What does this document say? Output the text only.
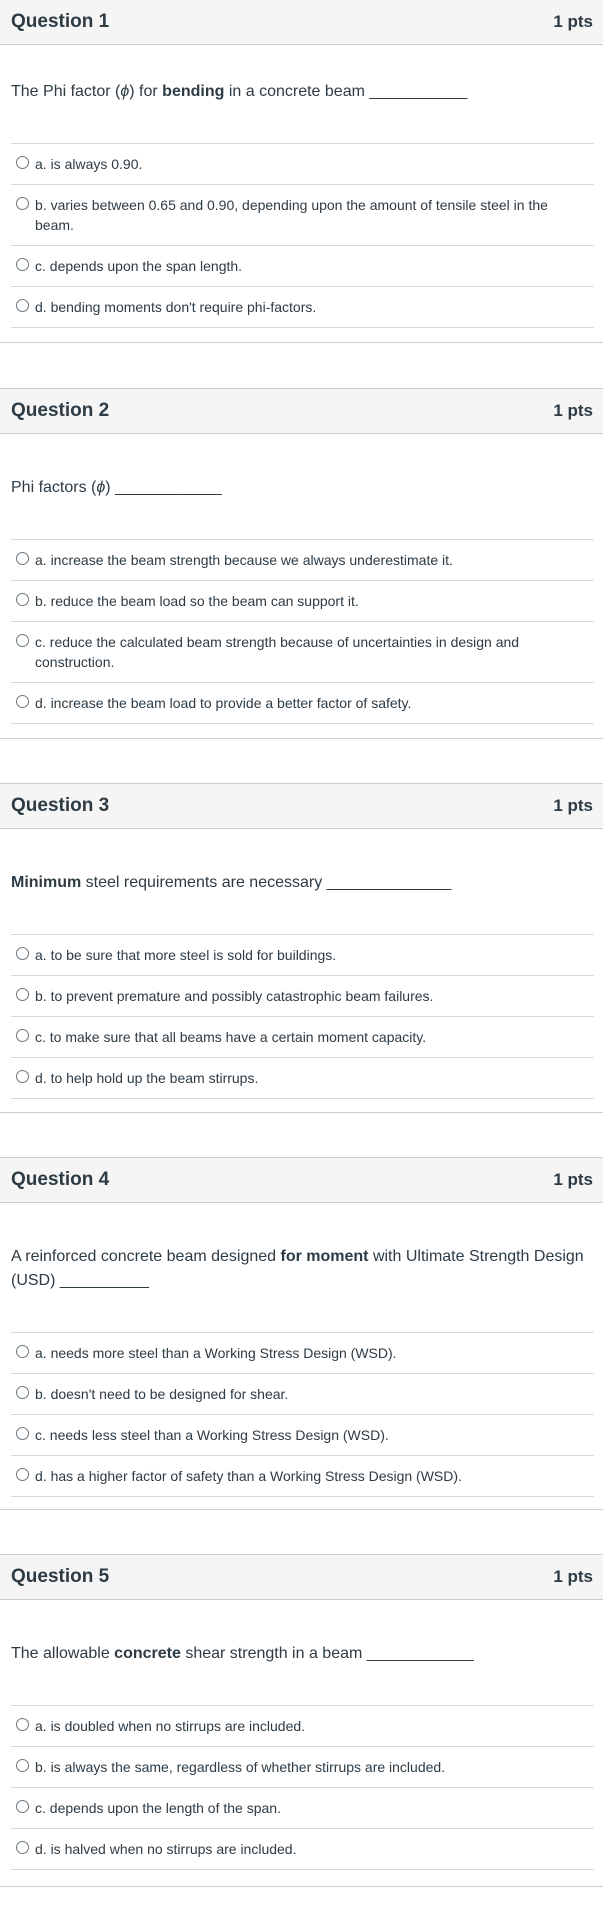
Question 1	1 pts
The Phi factor (ϕ) for bending in a concrete beam ___________
a. is always 0.90.
b. varies between 0.65 and 0.90, depending upon the amount of tensile steel in the beam.
c. depends upon the span length.
d. bending moments don't require phi-factors.
Question 2	1 pts
Phi factors (ϕ) ____________
a. increase the beam strength because we always underestimate it.
b. reduce the beam load so the beam can support it.
c. reduce the calculated beam strength because of uncertainties in design and construction.
d. increase the beam load to provide a better factor of safety.
Question 3	1 pts
Minimum steel requirements are necessary ______________
a. to be sure that more steel is sold for buildings.
b. to prevent premature and possibly catastrophic beam failures.
c. to make sure that all beams have a certain moment capacity.
d. to help hold up the beam stirrups.
Question 4	1 pts
A reinforced concrete beam designed for moment with Ultimate Strength Design (USD) __________
a. needs more steel than a Working Stress Design (WSD).
b. doesn't need to be designed for shear.
c. needs less steel than a Working Stress Design (WSD).
d. has a higher factor of safety than a Working Stress Design (WSD).
Question 5	1 pts
The allowable concrete shear strength in a beam ____________
a. is doubled when no stirrups are included.
b. is always the same, regardless of whether stirrups are included.
c. depends upon the length of the span.
d. is halved when no stirrups are included.
